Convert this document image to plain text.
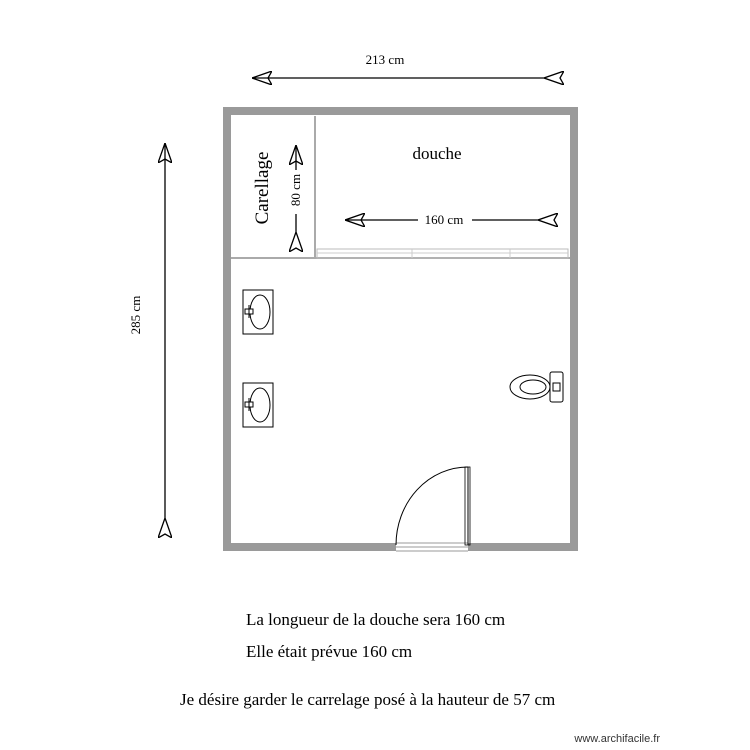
213 cm
285 cm
Carellage 80 cm
douche
160 cm
La longueur de la douche sera 160 cm
Elle était prévue 160 cm
Je désire garder le carrelage posé à la hauteur de 57 cm
www.archifacile.fr
